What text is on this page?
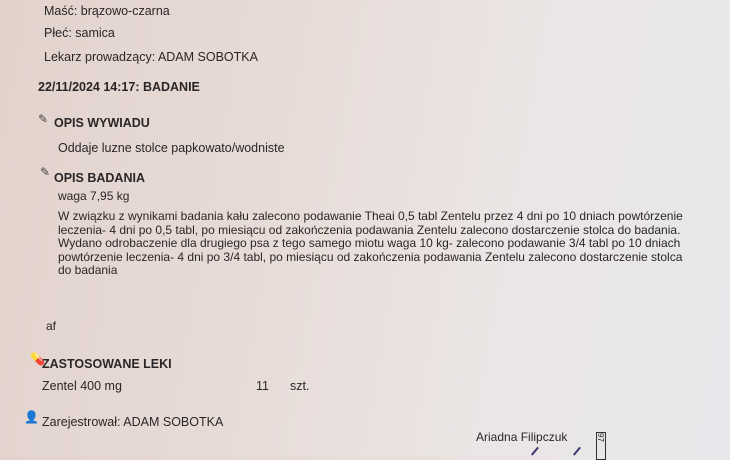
Maść: brązowo-czarna
Płeć: samica
Lekarz prowadzący: ADAM SOBOTKA
22/11/2024 14:17: BADANIE
✎ OPIS WYWIADU
Oddaje luzne stolce papkowato/wodniste
✎ OPIS BADANIA
waga 7,95 kg
W związku z wynikami badania kału zalecono podawanie Theai 0,5 tabl Zentelu przez 4 dni po 10 dniach powtórzenie leczenia- 4 dni po 0,5 tabl, po miesiącu od zakończenia podawania Zentelu zalecono dostarczenie stolca do badania.
Wydano odrobaczenie dla drugiego psa z tego samego miotu waga 10 kg- zalecono podawanie 3/4 tabl po 10 dniach powtórzenie leczenia- 4 dni po 3/4 tabl, po miesiącu od zakończenia podawania Zentelu zalecono dostarczenie stolca do badania
af
💊
ZASTOSOWANE LEKI
Zentel 400 mg	11 szt.
👤 Zarejestrował: ADAM SOBOTKA
Ariadna Filipczuk	97
